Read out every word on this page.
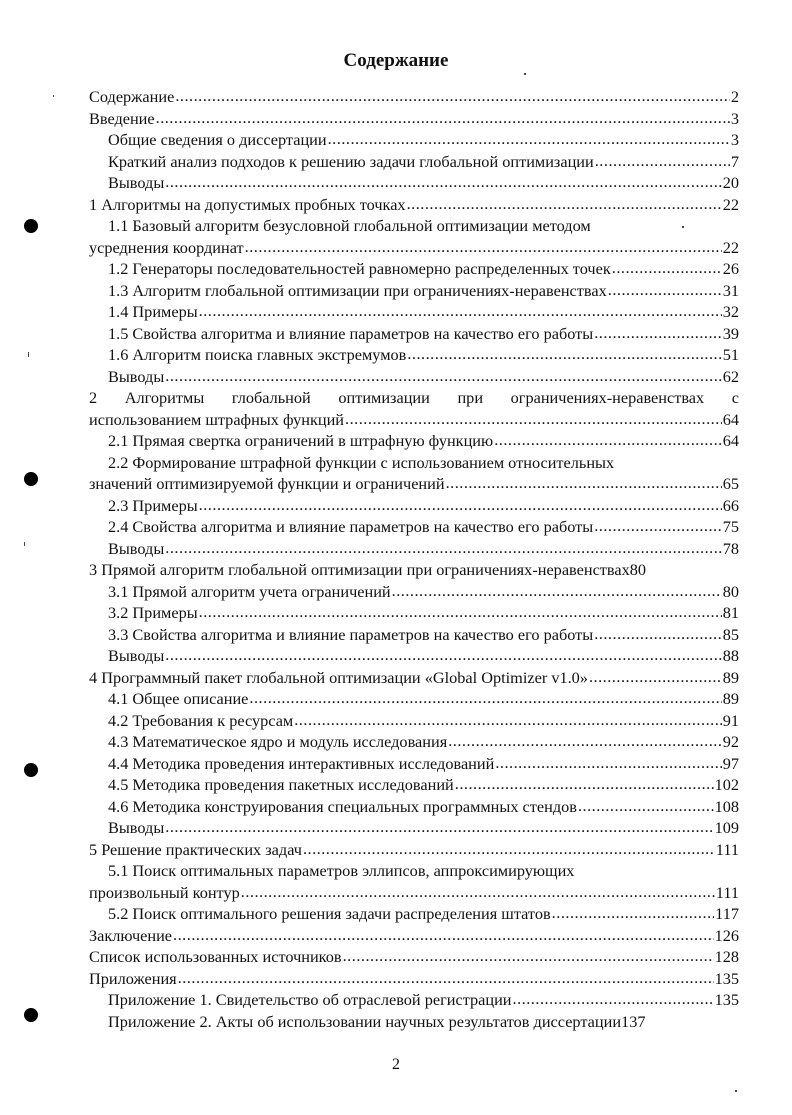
Содержание
Содержание .....	2
Введение .....	3
Общие сведения о диссертации .....	3
Краткий анализ подходов к решению задачи глобальной оптимизации .....	7
Выводы .....	20
1 Алгоритмы на допустимых пробных точках .....	22
1.1 Базовый алгоритм безусловной глобальной оптимизации методом
усреднения координат .....	22
1.2 Генераторы последовательностей равномерно распределенных точек .....	26
1.3 Алгоритм глобальной оптимизации при ограничениях-неравенствах .....	31
1.4 Примеры .....	32
1.5 Свойства алгоритма и влияние параметров на качество его работы .....	39
1.6 Алгоритм поиска главных экстремумов .....	51
Выводы .....	62
2 Алгоритмы глобальной оптимизации при ограничениях-неравенствах с
использованием штрафных функций .....	64
2.1 Прямая свертка ограничений в штрафную функцию .....	64
2.2 Формирование штрафной функции с использованием относительных
значений оптимизируемой функции и ограничений .....	65
2.3 Примеры .....	66
2.4 Свойства алгоритма и влияние параметров на качество его работы .....	75
Выводы .....	78
3 Прямой алгоритм глобальной оптимизации при ограничениях-неравенствах 80
3.1 Прямой алгоритм учета ограничений .....	80
3.2 Примеры .....	81
3.3 Свойства алгоритма и влияние параметров на качество его работы .....	85
Выводы .....	88
4 Программный пакет глобальной оптимизации «Global Optimizer v1.0» .....	89
4.1 Общее описание .....	89
4.2 Требования к ресурсам .....	91
4.3 Математическое ядро и модуль исследования .....	92
4.4 Методика проведения интерактивных исследований .....	97
4.5 Методика проведения пакетных исследований .....	102
4.6 Методика конструирования специальных программных стендов .....	108
Выводы .....	109
5 Решение практических задач .....	111
5.1 Поиск оптимальных параметров эллипсов, аппроксимирующих
произвольный контур .....	111
5.2 Поиск оптимального решения задачи распределения штатов .....	117
Заключение .....	126
Список использованных источников .....	128
Приложения .....	135
Приложение 1. Свидетельство об отраслевой регистрации .....	135
Приложение 2. Акты об использовании научных результатов диссертации 137
2
